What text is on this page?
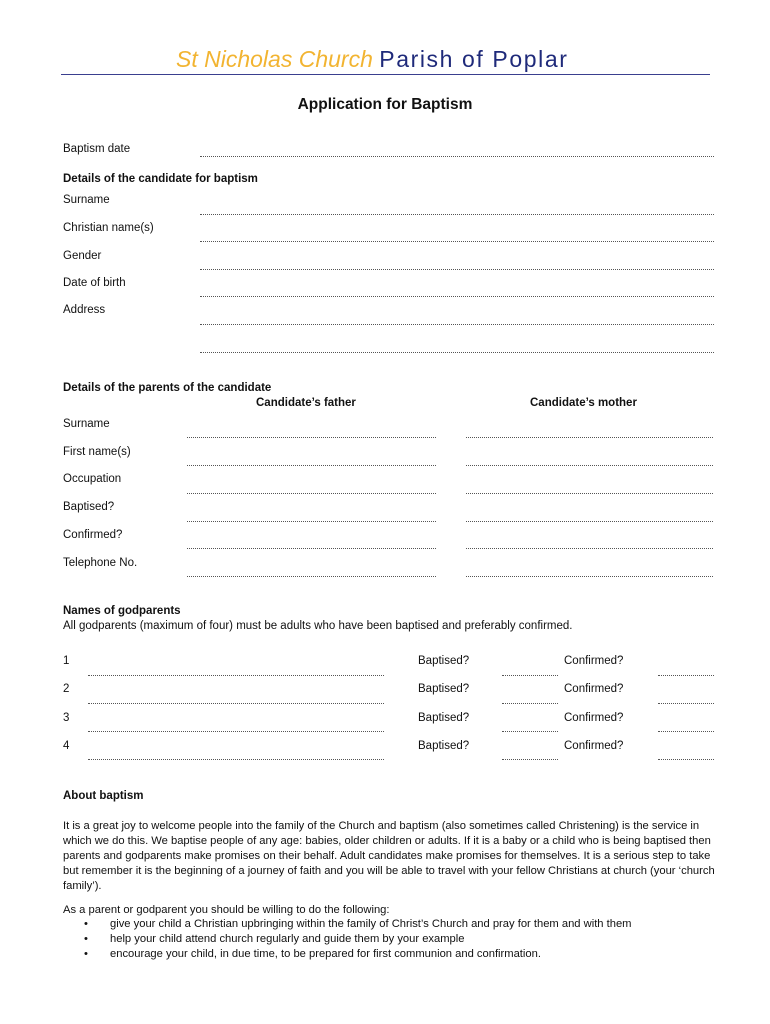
St Nicholas Church Parish of Poplar
Application for Baptism
Baptism date
Details of the candidate for baptism
Surname
Christian name(s)
Gender
Date of birth
Address
Details of the parents of the candidate
Candidate’s father	Candidate’s mother
Surname
First name(s)
Occupation
Baptised?
Confirmed?
Telephone No.
Names of godparents
All godparents (maximum of four) must be adults who have been baptised and preferably confirmed.
1	Baptised?	Confirmed?
2	Baptised?	Confirmed?
3	Baptised?	Confirmed?
4	Baptised?	Confirmed?
About baptism
It is a great joy to welcome people into the family of the Church and baptism (also sometimes called Christening) is the service in which we do this. We baptise people of any age: babies, older children or adults. If it is a baby or a child who is being baptised then parents and godparents make promises on their behalf. Adult candidates make promises for themselves. It is a serious step to take but remember it is the beginning of a journey of faith and you will be able to travel with your fellow Christians at church (your ‘church family’).
As a parent or godparent you should be willing to do the following:
• give your child a Christian upbringing within the family of Christ’s Church and pray for them and with them
• help your child attend church regularly and guide them by your example
• encourage your child, in due time, to be prepared for first communion and confirmation.
